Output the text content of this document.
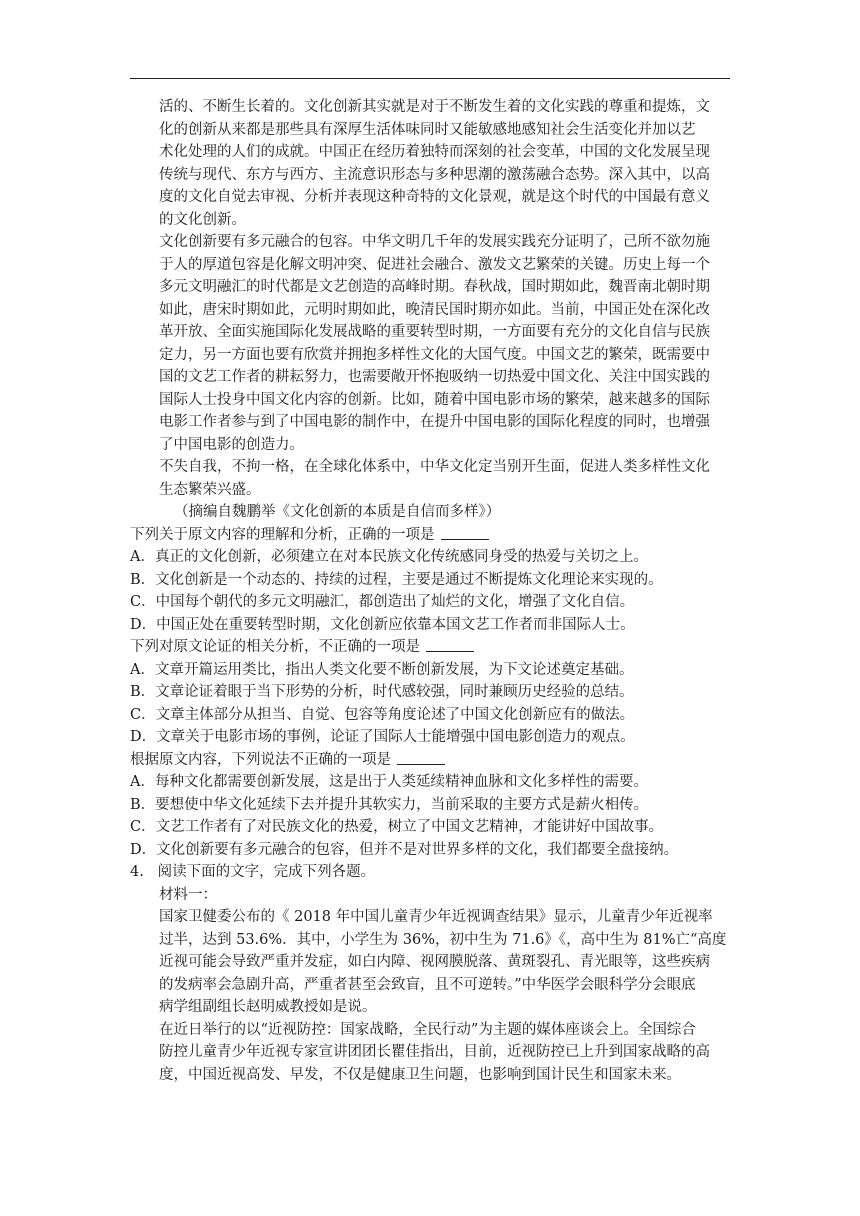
活的、不断生长着的。文化创新其实就是对于不断发生着的文化实践的尊重和提炼，文
化的创新从来都是那些具有深厚生活体味同时又能敏感地感知社会生活变化并加以艺
术化处理的人们的成就。中国正在经历着独特而深刻的社会变革，中国的文化发展呈现
传统与现代、东方与西方、主流意识形态与多种思潮的激荡融合态势。深入其中，以高
度的文化自觉去审视、分析并表现这种奇特的文化景观，就是这个时代的中国最有意义
的文化创新。
文化创新要有多元融合的包容。中华文明几千年的发展实践充分证明了，己所不欲勿施
于人的厚道包容是化解文明冲突、促进社会融合、激发文艺繁荣的关键。历史上每一个
多元文明融汇的时代都是文艺创造的高峰时期。春秋战，国时期如此，魏晋南北朝时期
如此，唐宋时期如此，元明时期如此，晚清民国时期亦如此。当前，中国正处在深化改
革开放、全面实施国际化发展战略的重要转型时期，一方面要有充分的文化自信与民族
定力，另一方面也要有欣赏并拥抱多样性文化的大国气度。中国文艺的繁荣，既需要中
国的文艺工作者的耕耘努力，也需要敞开怀抱吸纳一切热爱中国文化、关注中国实践的
国际人士投身中国文化内容的创新。比如，随着中国电影市场的繁荣，越来越多的国际
电影工作者参与到了中国电影的制作中，在提升中国电影的国际化程度的同时，也增强
了中国电影的创造力。
不失自我，不拘一格，在全球化体系中，中华文化定当别开生面，促进人类多样性文化
生态繁荣兴盛。
（摘编自魏鹏举《文化创新的本质是自信而多样》）
下列关于原文内容的理解和分析，正确的一项是
A．真正的文化创新，必须建立在对本民族文化传统感同身受的热爱与关切之上。
B．文化创新是一个动态的、持续的过程，主要是通过不断提炼文化理论来实现的。
C．中国每个朝代的多元文明融汇，都创造出了灿烂的文化，增强了文化自信。
D．中国正处在重要转型时期，文化创新应依靠本国文艺工作者而非国际人士。
下列对原文论证的相关分析，不正确的一项是
A．文章开篇运用类比，指出人类文化要不断创新发展，为下文论述奠定基础。
B．文章论证着眼于当下形势的分析，时代感较强，同时兼顾历史经验的总结。
C．文章主体部分从担当、自觉、包容等角度论述了中国文化创新应有的做法。
D．文章关于电影市场的事例，论证了国际人士能增强中国电影创造力的观点。
根据原文内容，下列说法不正确的一项是
A．每种文化都需要创新发展，这是出于人类延续精神血脉和文化多样性的需要。
B．要想使中华文化延续下去并提升其软实力，当前采取的主要方式是薪火相传。
C．文艺工作者有了对民族文化的热爱，树立了中国文艺精神，才能讲好中国故事。
D．文化创新要有多元融合的包容，但并不是对世界多样的文化，我们都要全盘接纳。
4. 阅读下面的文字，完成下列各题。
材料一：
国家卫健委公布的《 2018 年中国儿童青少年近视调查结果》显示，儿童青少年近视率
过半，达到 53.6%．其中，小学生为 36%，初中生为 71.6》《，高中生为 81%亡“高度
近视可能会导致严重并发症，如白内障、视网膜脱落、黄斑裂孔、青光眼等，这些疾病
的发病率会急剧升高，严重者甚至会致盲，且不可逆转。”中华医学会眼科学分会眼底
病学组副组长赵明威教授如是说。
在近日举行的以“近视防控：国家战略，全民行动”为主题的媒体座谈会上。全国综合
防控儿童青少年近视专家宣讲团团长瞿佳指出，目前，近视防控已上升到国家战略的高
度，中国近视高发、早发，不仅是健康卫生问题，也影响到国计民生和国家未来。
